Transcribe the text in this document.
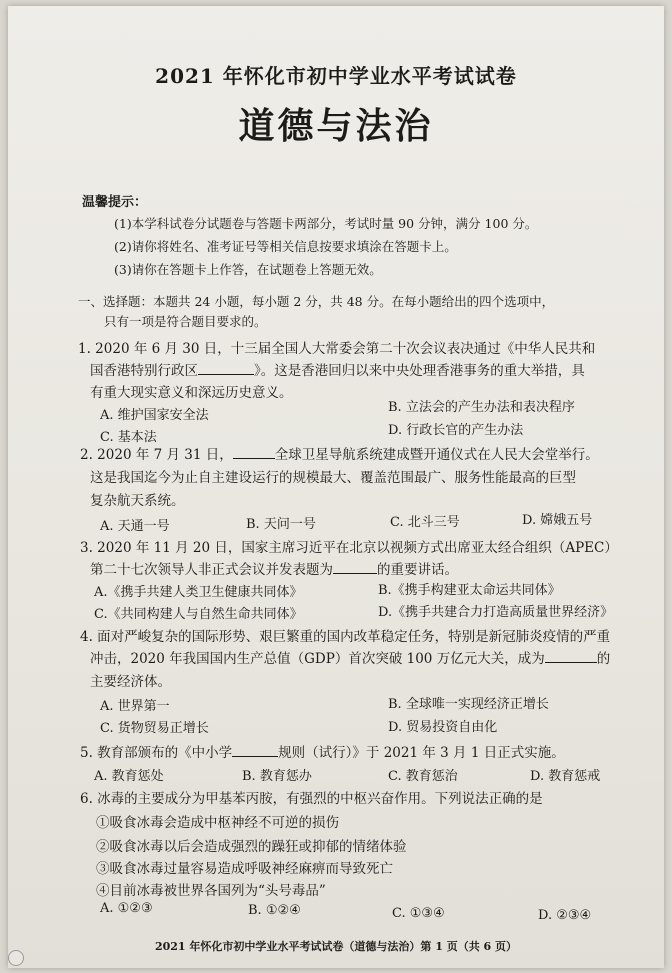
2021 年怀化市初中学业水平考试试卷
道德与法治
温馨提示：
(1)本学科试卷分试题卷与答题卡两部分，考试时量 90 分钟，满分 100 分。
(2)请你将姓名、准考证号等相关信息按要求填涂在答题卡上。
(3)请你在答题卡上作答，在试题卷上答题无效。
一、选择题：本题共 24 小题，每小题 2 分，共 48 分。在每小题给出的四个选项中，
只有一项是符合题目要求的。
1. 2020 年 6 月 30 日，十三届全国人大常委会第二十次会议表决通过《中华人民共和
国香港特别行政区	》。这是香港回归以来中央处理香港事务的重大举措，具
有重大现实意义和深远历史意义。
A. 维护国家安全法
B. 立法会的产生办法和表决程序
C. 基本法	D. 行政长官的产生办法
2. 2020 年 7 月 31 日，	全球卫星导航系统建成暨开通仪式在人民大会堂举行。
这是我国迄今为止自主建设运行的规模最大、覆盖范围最广、服务性能最高的巨型
复杂航天系统。
A. 天通一号	B. 天问一号	C. 北斗三号	D. 嫦娥五号
3. 2020 年 11 月 20 日，国家主席习近平在北京以视频方式出席亚太经合组织（APEC）
第二十七次领导人非正式会议并发表题为	的重要讲话。
A.《携手共建人类卫生健康共同体》	B.《携手构建亚太命运共同体》
C.《共同构建人与自然生命共同体》	D.《携手共建合力打造高质量世界经济》
4. 面对严峻复杂的国际形势、艰巨繁重的国内改革稳定任务，特别是新冠肺炎疫情的严重
冲击，2020 年我国国内生产总值（GDP）首次突破 100 万亿元大关，成为	的
主要经济体。
A. 世界第一	B. 全球唯一实现经济正增长
C. 货物贸易正增长	D. 贸易投资自由化
5. 教育部颁布的《中小学	规则（试行）》于 2021 年 3 月 1 日正式实施。
A. 教育惩处	B. 教育惩办	C. 教育惩治	D. 教育惩戒
6. 冰毒的主要成分为甲基苯丙胺，有强烈的中枢兴奋作用。下列说法正确的是
①吸食冰毒会造成中枢神经不可逆的损伤
②吸食冰毒以后会造成强烈的躁狂或抑郁的情绪体验
③吸食冰毒过量容易造成呼吸神经麻痹而导致死亡
④目前冰毒被世界各国列为“头号毒品”
A. ①②③	B. ①②④	C. ①③④	D. ②③④
2021 年怀化市初中学业水平考试试卷（道德与法治）第 1 页（共 6 页）
